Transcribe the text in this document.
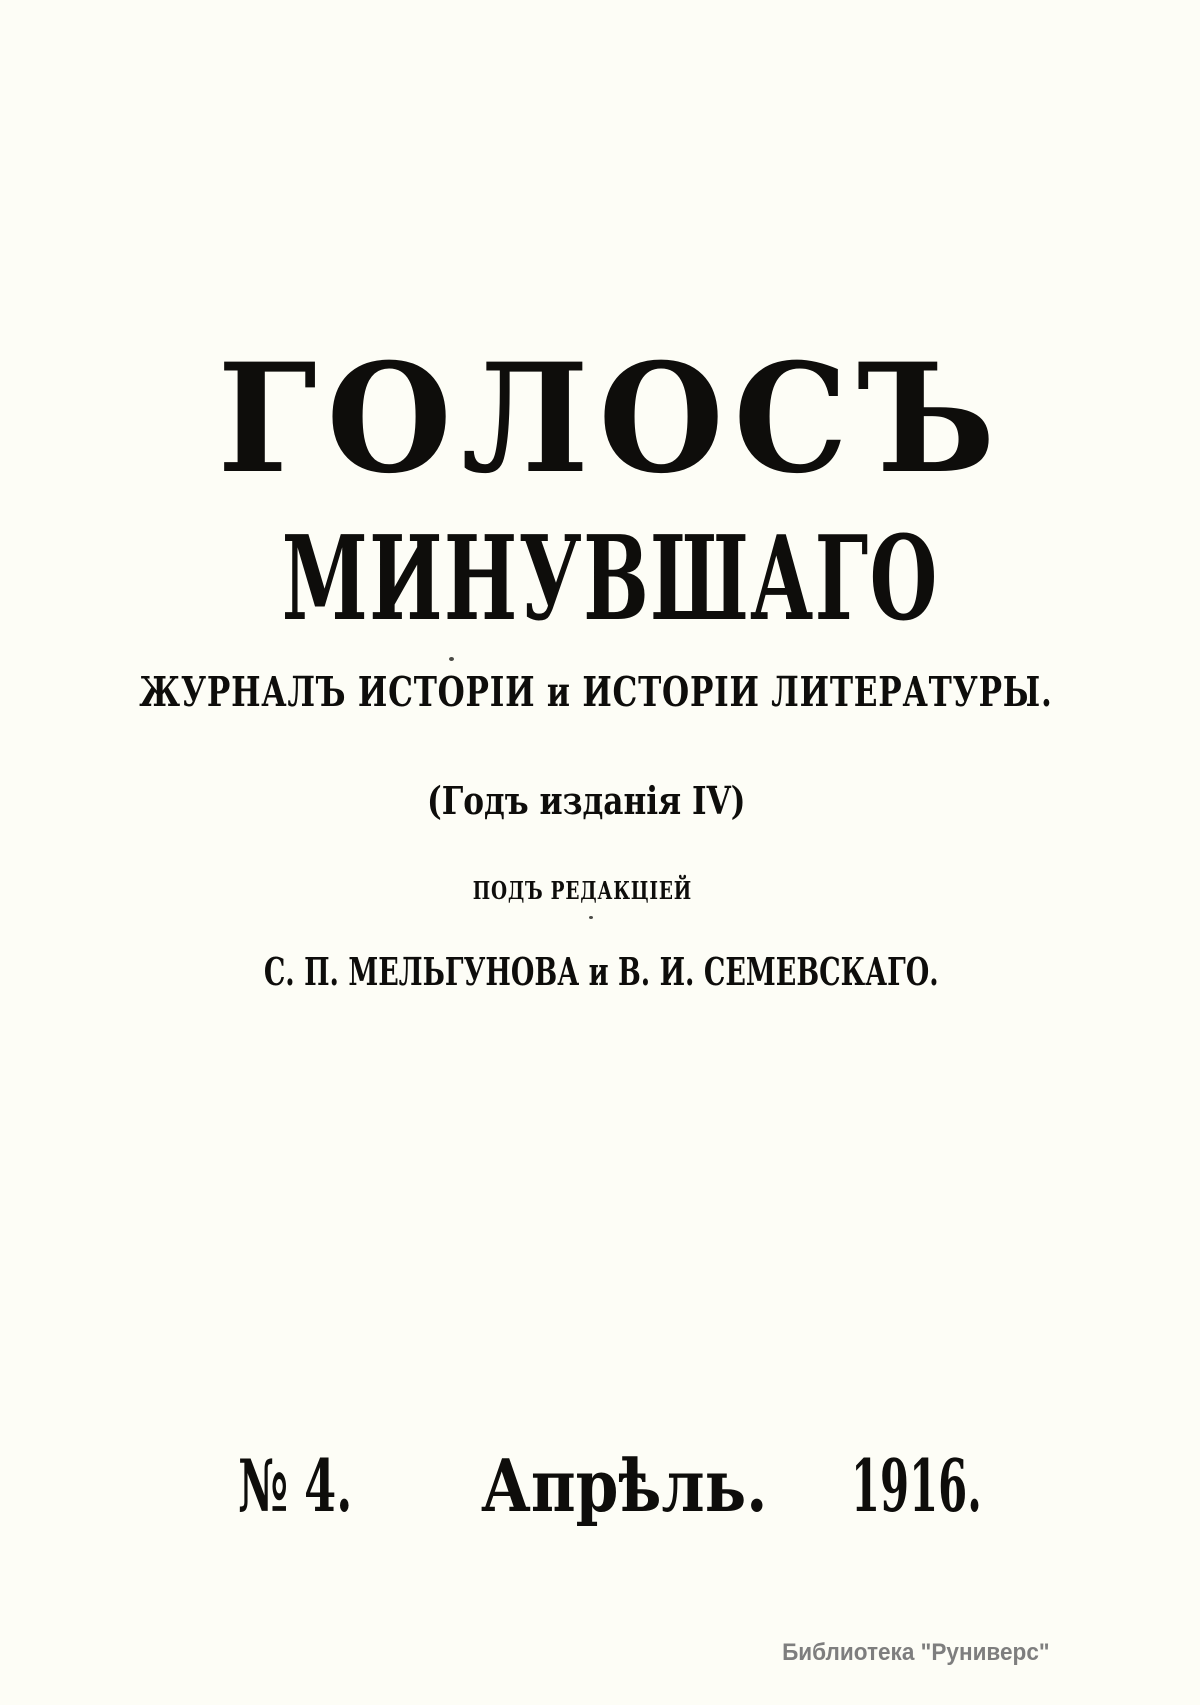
ГОЛОСЪ
МИНУВШАГО
ЖУРНАЛЪ ИСТОРІИ и ИСТОРІИ ЛИТЕРАТУРЫ.
(Годъ изданія IV)
ПОДЪ РЕДАКЦІЕЙ
С. П. МЕЛЬГУНОВА и В. И. СЕМЕВСКАГО.
№ 4. Апрѣль. 1916.
Библиотека "Руниверс"
